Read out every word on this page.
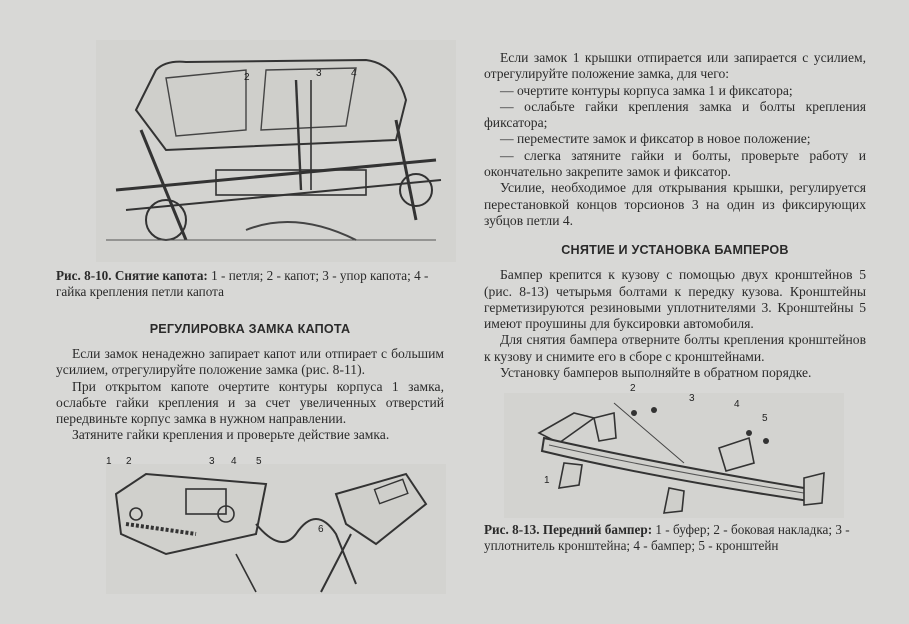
2	3	4
Рис. 8-10. Снятие капота: 1 - петля; 2 - капот; 3 - упор капота; 4 - гайка крепления петли капота
РЕГУЛИРОВКА ЗАМКА КАПОТА

Если замок ненадежно запирает капот или отпирает с большим усилием, отрегулируйте положение замка (рис. 8-11).

При открытом капоте очертите контуры корпуса 1 замка, ослабьте гайки крепления и за счет увеличенных отверстий передвиньте корпус замка в нужном направлении.

Затяните гайки крепления и проверьте действие замка.

1 2	3 4 5
6

Если замок 1 крышки отпирается или запирается с усилием, отрегулируйте положение замка, для чего:

— очертите контуры корпуса замка 1 и фиксатора;

— ослабьте гайки крепления замка и болты крепления фиксатора;

— переместите замок и фиксатор в новое положение;

— слегка затяните гайки и болты, проверьте работу и окончательно закрепите замок и фиксатор.

Усилие, необходимое для открывания крышки, регулируется перестановкой концов торсионов 3 на один из фиксирующих зубцов петли 4.

СНЯТИЕ И УСТАНОВКА БАМПЕРОВ

Бампер крепится к кузову с помощью двух кронштейнов 5 (рис. 8-13) четырьмя болтами к передку кузова. Кронштейны герметизируются резиновыми уплотнителями 3. Кронштейны 5 имеют проушины для буксировки автомобиля.

Для снятия бампера отверните болты крепления кронштейнов к кузову и снимите его в сборе с кронштейнами.

Установку бамперов выполняйте в обратном порядке.

1
2
3
4
5
Рис. 8-13. Передний бампер: 1 - буфер; 2 - боковая накладка; 3 - уплотнитель кронштейна; 4 - бампер; 5 - кронштейн
